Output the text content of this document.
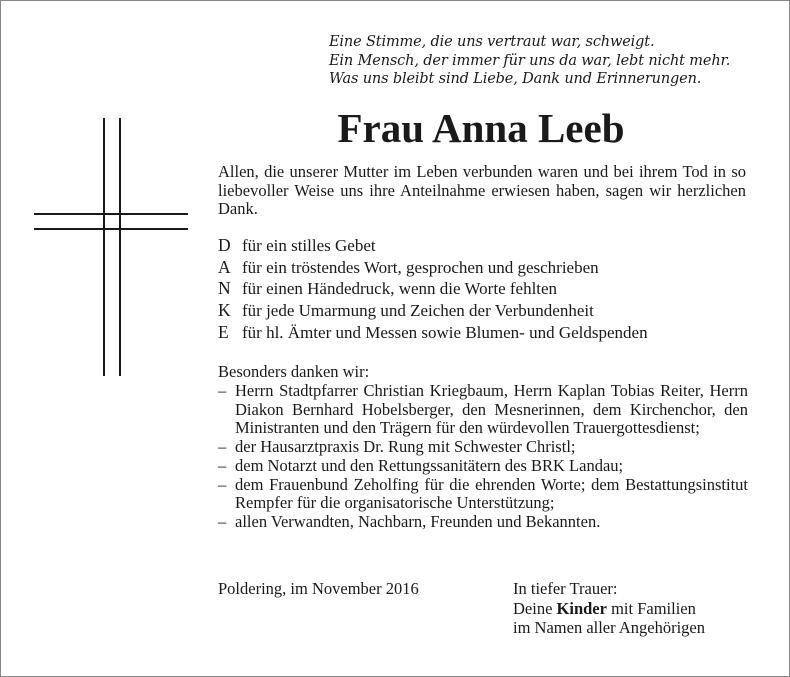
Eine Stimme, die uns vertraut war, schweigt.
Ein Mensch, der immer für uns da war, lebt nicht mehr.
Was uns bleibt sind Liebe, Dank und Erinnerungen.
Frau Anna Leeb
Allen, die unserer Mutter im Leben verbunden waren und bei ihrem Tod in so liebevoller Weise uns ihre Anteilnahme erwiesen haben, sagen wir herzlichen Dank.
D für ein stilles Gebet
A für ein tröstendes Wort, gesprochen und geschrieben
N für einen Händedruck, wenn die Worte fehlten
K für jede Umarmung und Zeichen der Verbundenheit
E für hl. Ämter und Messen sowie Blumen- und Geldspenden
Besonders danken wir:
– Herrn Stadtpfarrer Christian Kriegbaum, Herrn Kaplan Tobias Reiter, Herrn Diakon Bernhard Hobelsberger, den Mesnerinnen, dem Kirchenchor, den Ministranten und den Trägern für den würdevollen Trauergottesdienst;
– der Hausarztpraxis Dr. Rung mit Schwester Christl;
– dem Notarzt und den Rettungssanitätern des BRK Landau;
– dem Frauenbund Zeholfing für die ehrenden Worte; dem Bestattungsinstitut Rempfer für die organisatorische Unterstützung;
– allen Verwandten, Nachbarn, Freunden und Bekannten.
Poldering, im November 2016	In tiefer Trauer:
Deine Kinder mit Familien
im Namen aller Angehörigen
